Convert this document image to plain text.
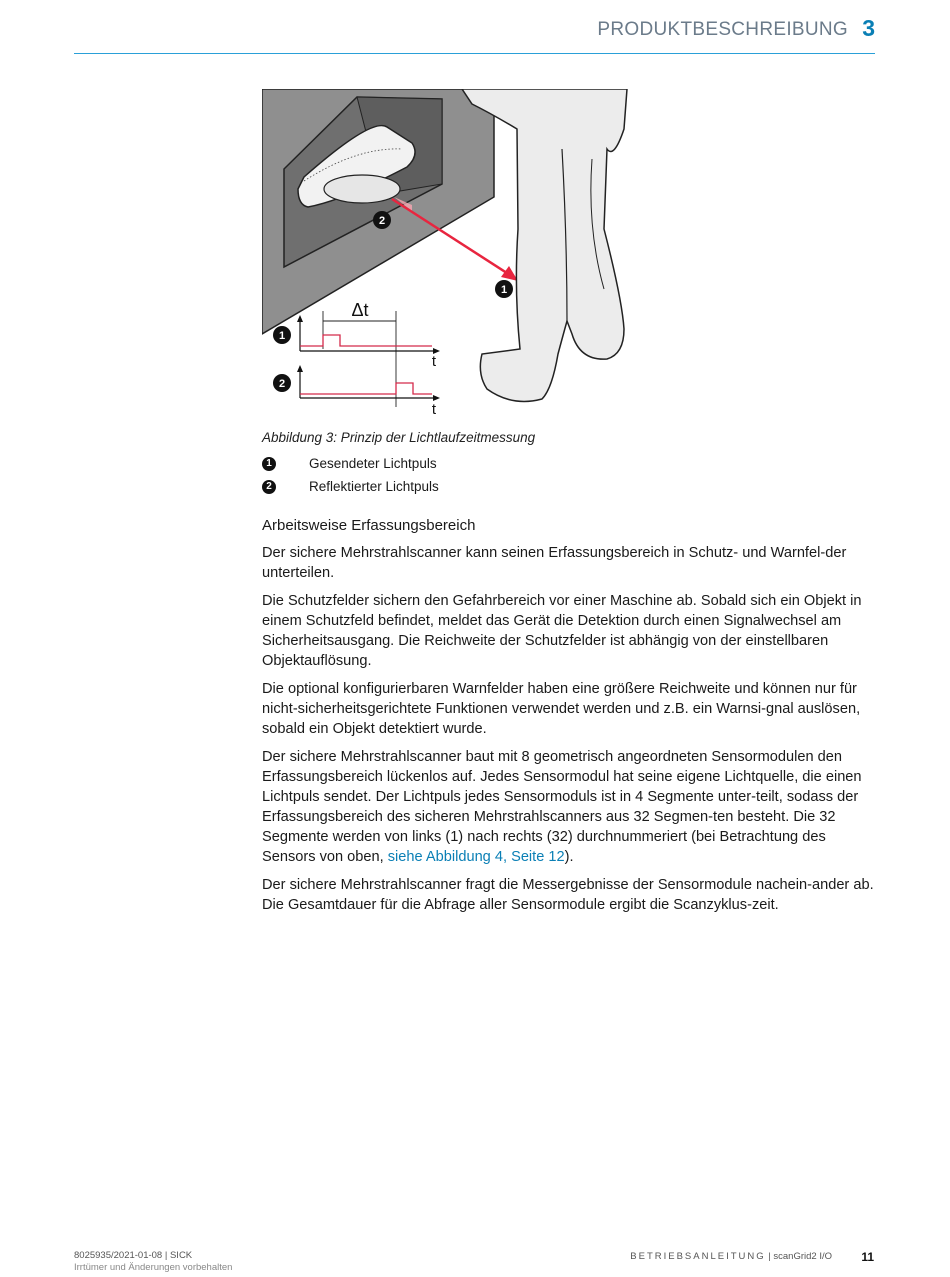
PRODUKTBESCHREIBUNG 3
2
1
Δt
1
t
2
t
Abbildung 3: Prinzip der Lichtlaufzeitmessung
1	Gesendeter Lichtpuls
2	Reflektierter Lichtpuls
Arbeitsweise Erfassungsbereich

Der sichere Mehrstrahlscanner kann seinen Erfassungsbereich in Schutz- und Warnfel-der unterteilen.

Die Schutzfelder sichern den Gefahrbereich vor einer Maschine ab. Sobald sich ein Objekt in einem Schutzfeld befindet, meldet das Gerät die Detektion durch einen Signalwechsel am Sicherheitsausgang. Die Reichweite der Schutzfelder ist abhängig von der einstellbaren Objektauflösung.

Die optional konfigurierbaren Warnfelder haben eine größere Reichweite und können nur für nicht-sicherheitsgerichtete Funktionen verwendet werden und z.B. ein Warnsi-gnal auslösen, sobald ein Objekt detektiert wurde.

Der sichere Mehrstrahlscanner baut mit 8 geometrisch angeordneten Sensormodulen den Erfassungsbereich lückenlos auf. Jedes Sensormodul hat seine eigene Lichtquelle, die einen Lichtpuls sendet. Der Lichtpuls jedes Sensormoduls ist in 4 Segmente unter-teilt, sodass der Erfassungsbereich des sicheren Mehrstrahlscanners aus 32 Segmen-ten besteht. Die 32 Segmente werden von links (1) nach rechts (32) durchnummeriert (bei Betrachtung des Sensors von oben, siehe Abbildung 4, Seite 12).

Der sichere Mehrstrahlscanner fragt die Messergebnisse der Sensormodule nachein-ander ab. Die Gesamtdauer für die Abfrage aller Sensormodule ergibt die Scanzyklus-zeit.

8025935/2021-01-08 | SICK
Irrtümer und Änderungen vorbehalten
BETRIEBSANLEITUNG | scanGrid2 I/O 11
